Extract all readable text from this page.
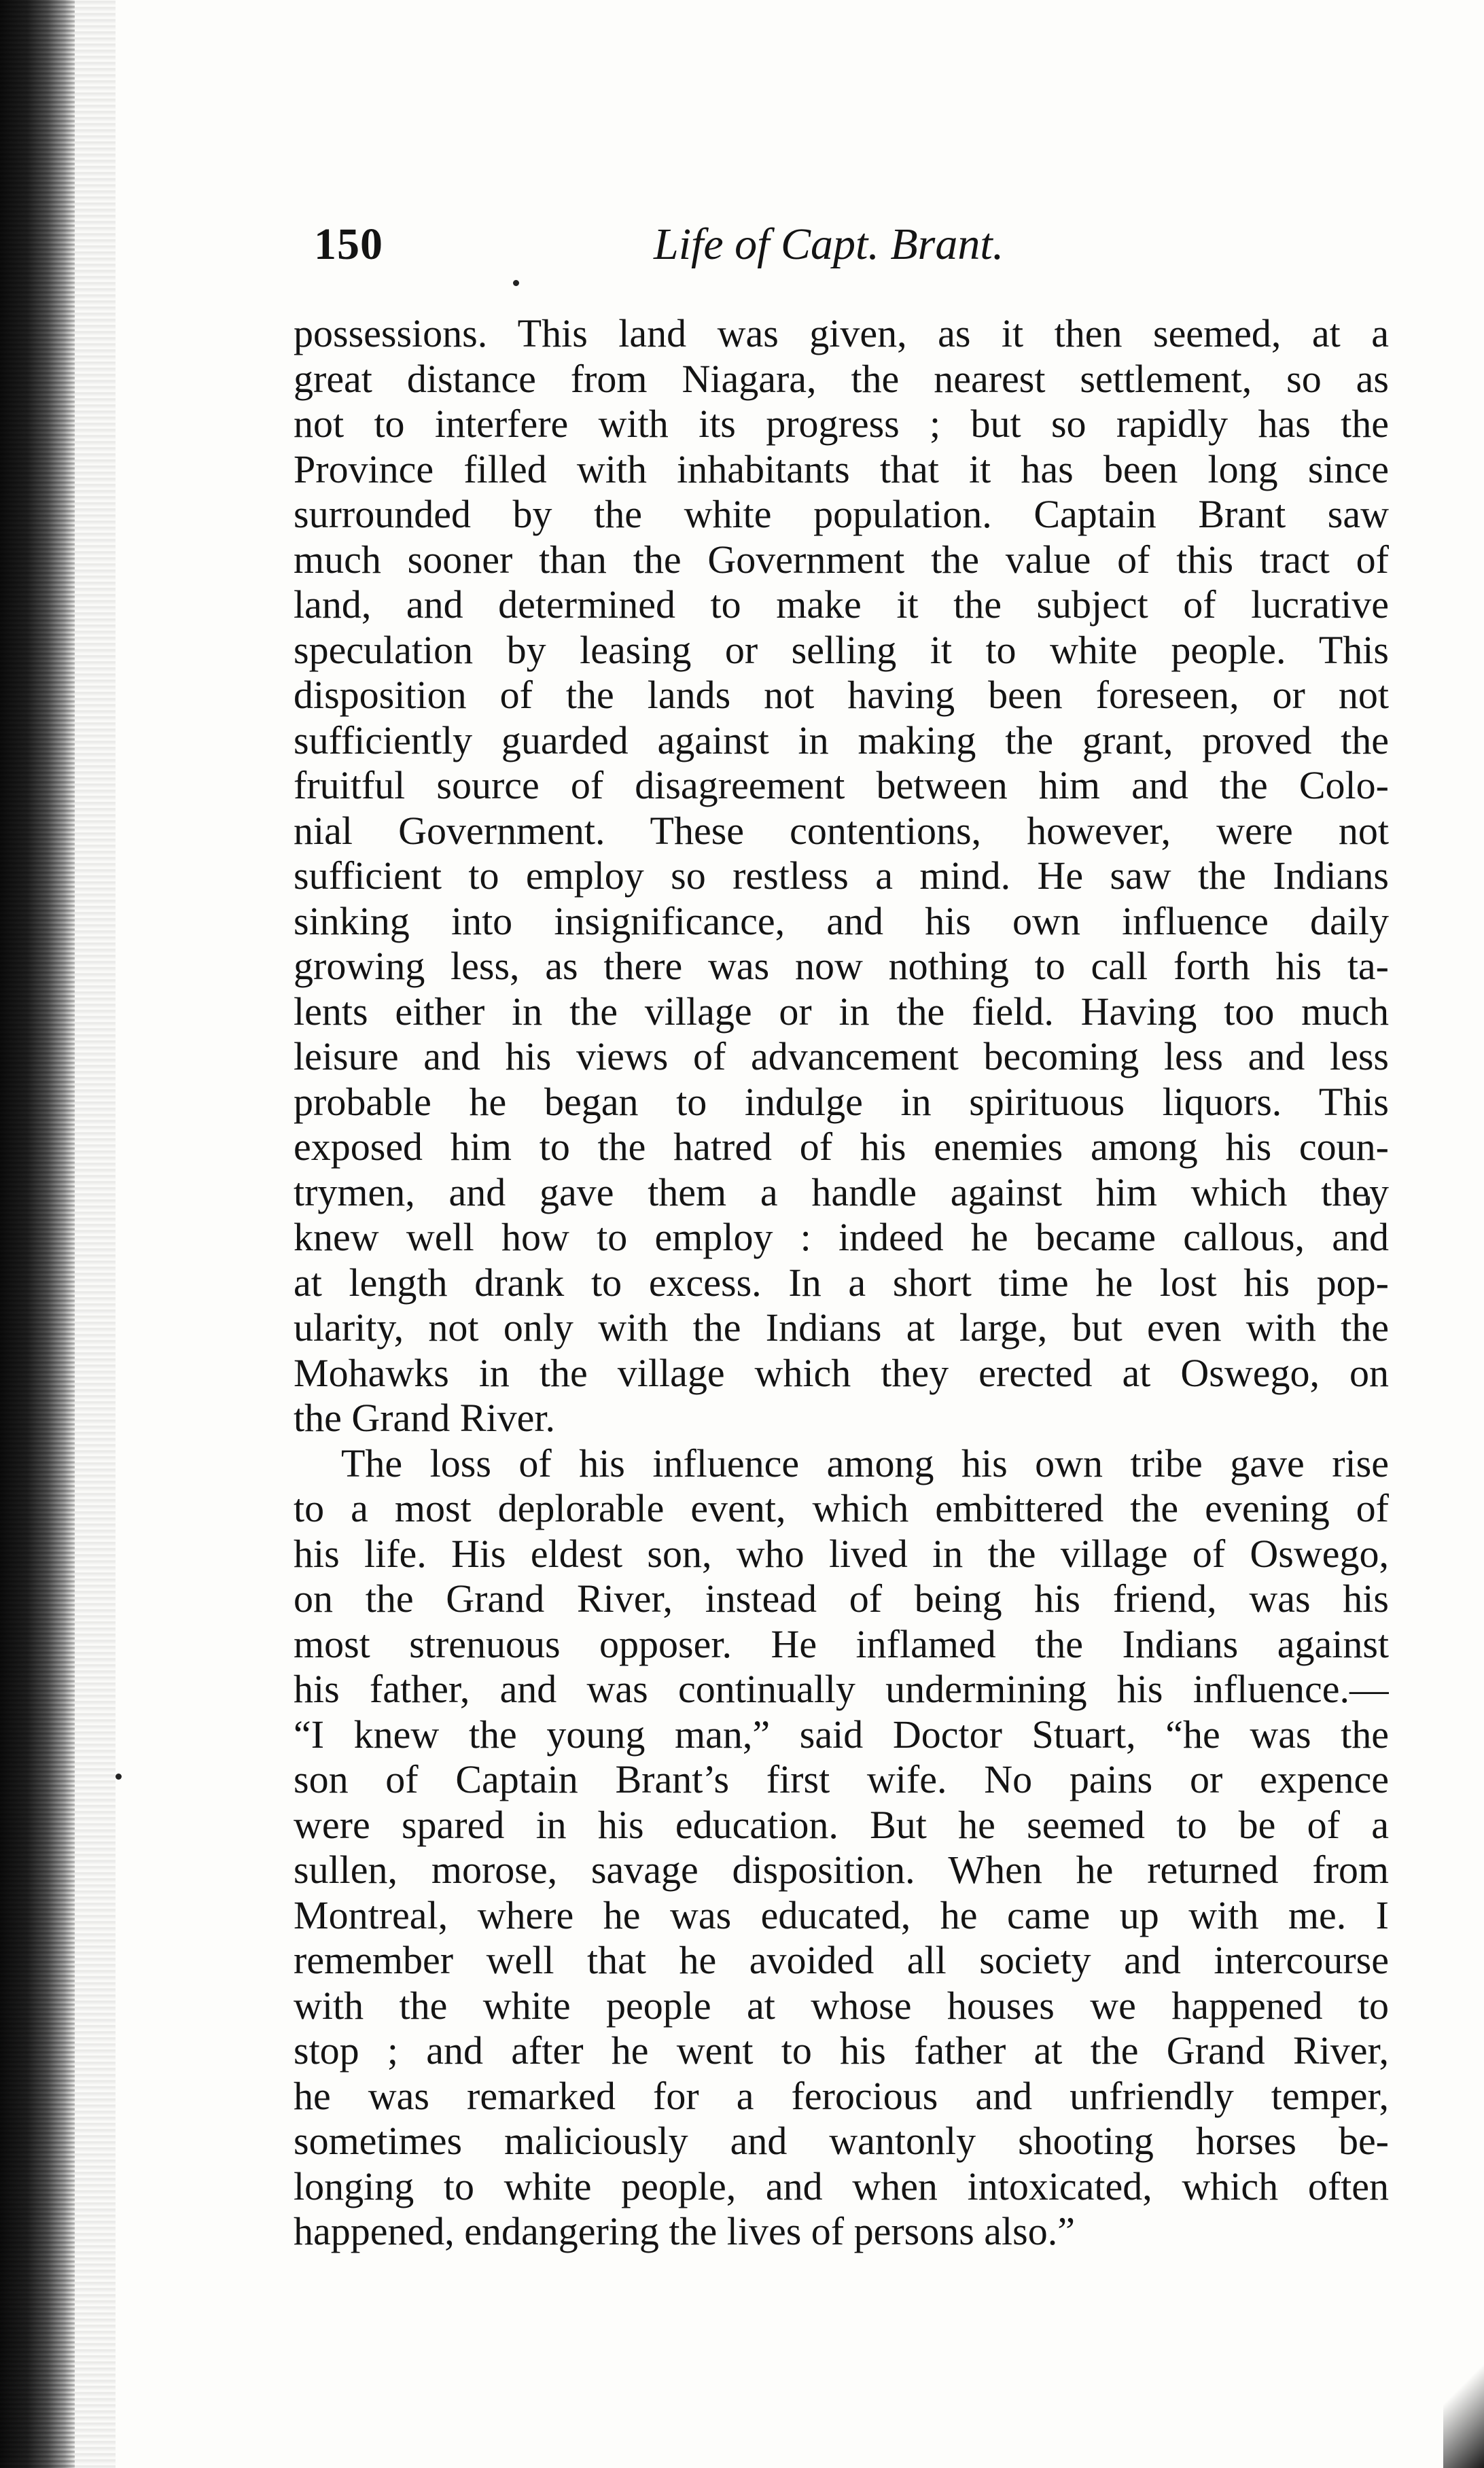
150	Life of Capt. Brant.
possessions. This land was given, as it then seemed, at a
great distance from Niagara, the nearest settlement, so as
not to interfere with its progress ; but so rapidly has the
Province filled with inhabitants that it has been long since
surrounded by the white population. Captain Brant saw
much sooner than the Government the value of this tract of
land, and determined to make it the subject of lucrative
speculation by leasing or selling it to white people. This
disposition of the lands not having been foreseen, or not
sufficiently guarded against in making the grant, proved the
fruitful source of disagreement between him and the Colo-
nial Government. These contentions, however, were not
sufficient to employ so restless a mind. He saw the Indians
sinking into insignificance, and his own influence daily
growing less, as there was now nothing to call forth his ta-
lents either in the village or in the field. Having too much
leisure and his views of advancement becoming less and less
probable he began to indulge in spirituous liquors. This
exposed him to the hatred of his enemies among his coun-
trymen, and gave them a handle against him which they
knew well how to employ : indeed he became callous, and
at length drank to excess. In a short time he lost his pop-
ularity, not only with the Indians at large, but even with the
Mohawks in the village which they erected at Oswego, on
the Grand River.
The loss of his influence among his own tribe gave rise
to a most deplorable event, which embittered the evening of
his life. His eldest son, who lived in the village of Oswego,
on the Grand River, instead of being his friend, was his
most strenuous opposer. He inflamed the Indians against
his father, and was continually undermining his influence.—
“I knew the young man,” said Doctor Stuart, “he was the
son of Captain Brant’s first wife. No pains or expence
were spared in his education. But he seemed to be of a
sullen, morose, savage disposition. When he returned from
Montreal, where he was educated, he came up with me. I
remember well that he avoided all society and intercourse
with the white people at whose houses we happened to
stop ; and after he went to his father at the Grand River,
he was remarked for a ferocious and unfriendly temper,
sometimes maliciously and wantonly shooting horses be-
longing to white people, and when intoxicated, which often
happened, endangering the lives of persons also.”
